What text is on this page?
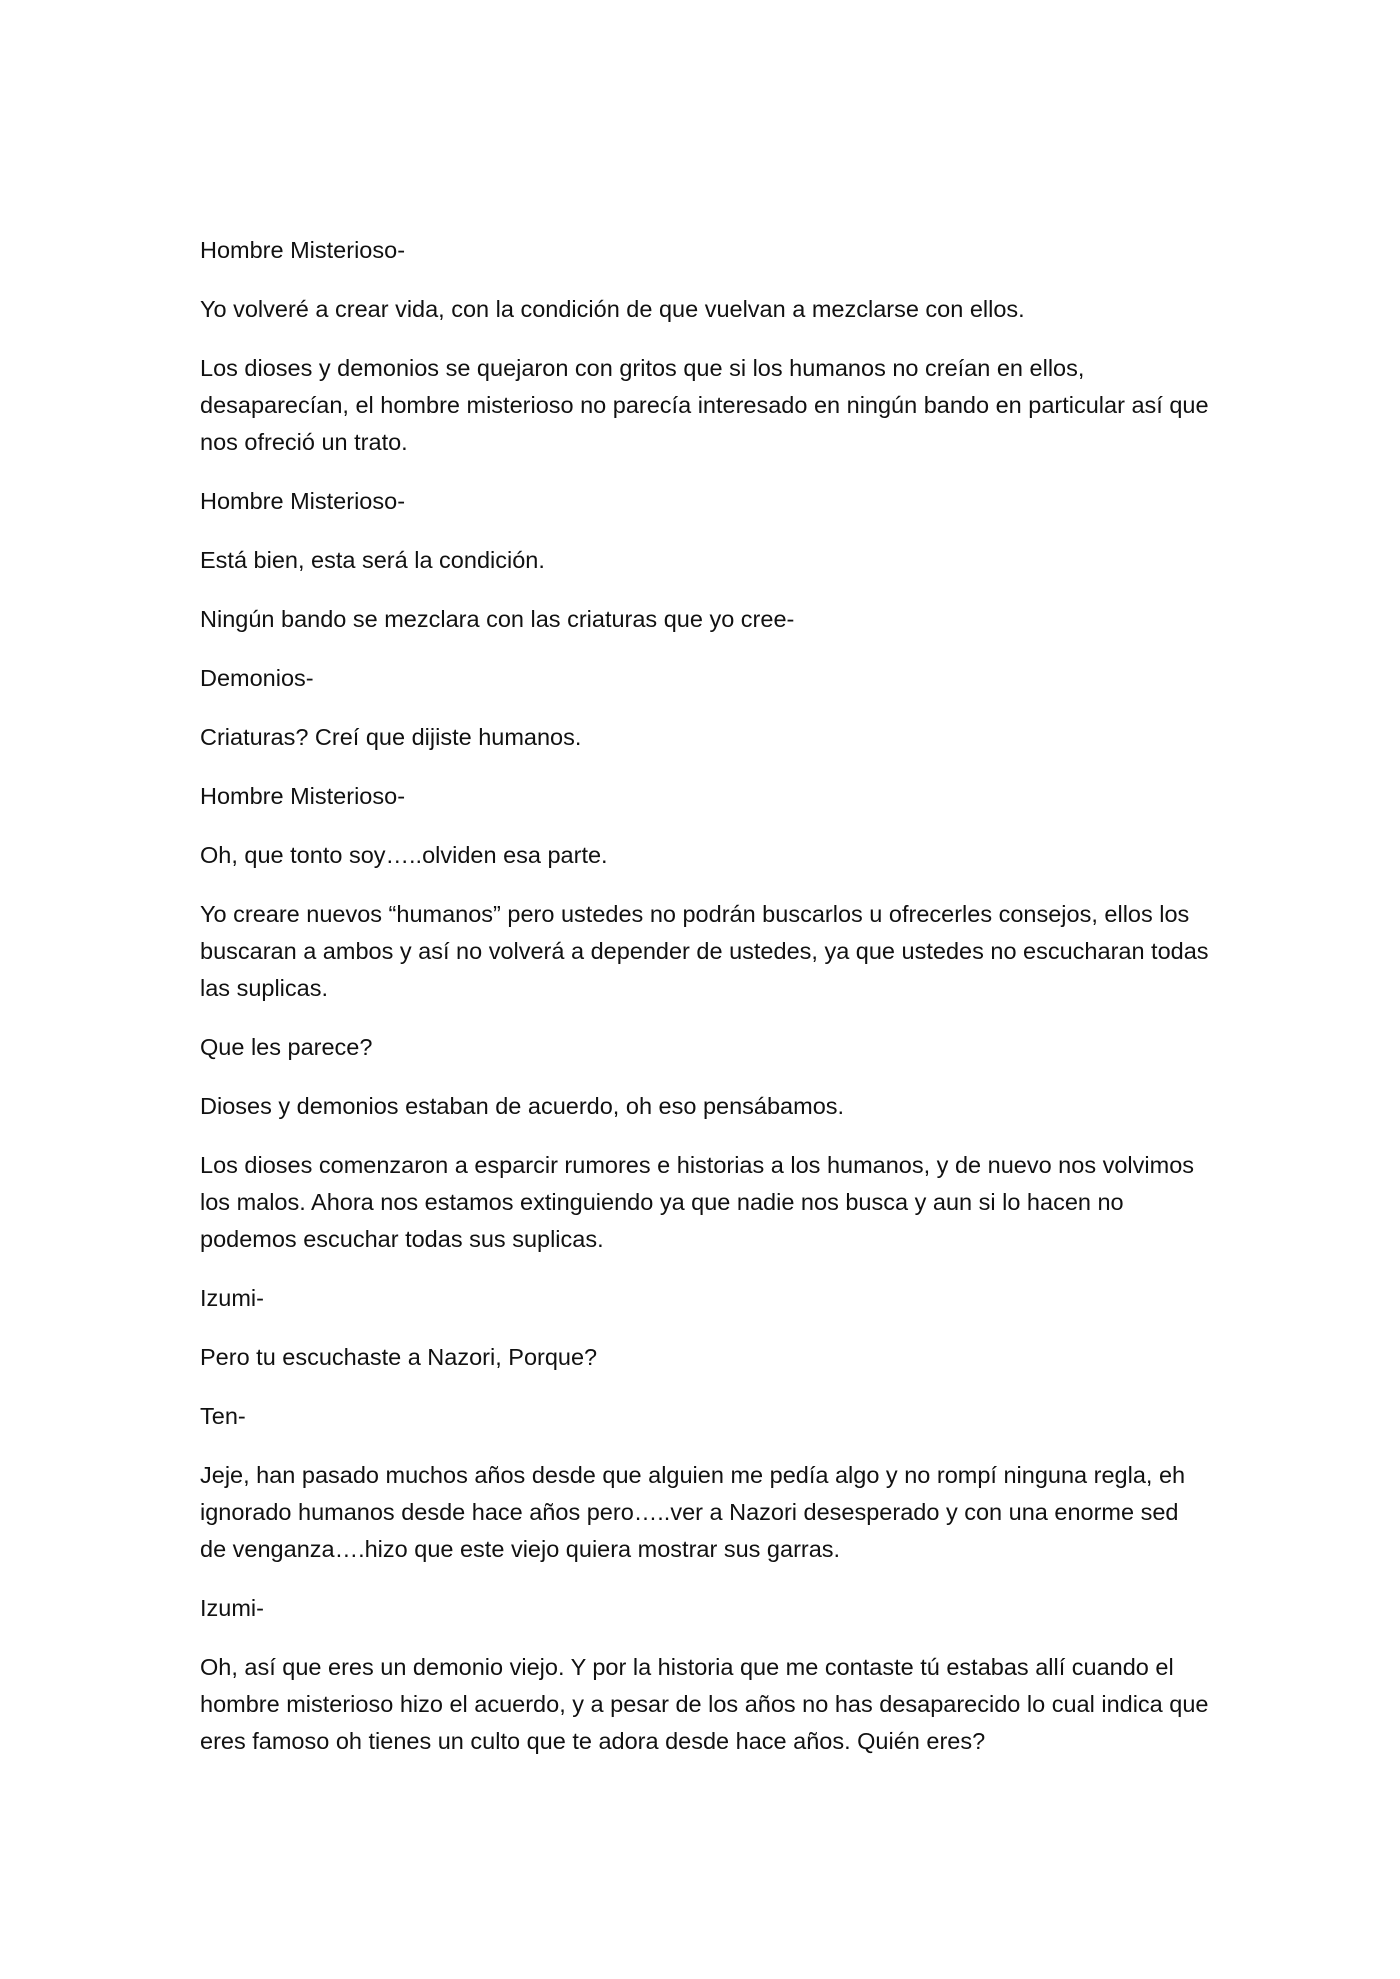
Hombre Misterioso-

Yo volveré a crear vida, con la condición de que vuelvan a mezclarse con ellos.

Los dioses y demonios se quejaron con gritos que si los humanos no creían en ellos, desaparecían, el hombre misterioso no parecía interesado en ningún bando en particular así que nos ofreció un trato.

Hombre Misterioso-

Está bien, esta será la condición.

Ningún bando se mezclara con las criaturas que yo cree-

Demonios-

Criaturas? Creí que dijiste humanos.

Hombre Misterioso-

Oh, que tonto soy…..olviden esa parte.

Yo creare nuevos “humanos” pero ustedes no podrán buscarlos u ofrecerles consejos, ellos los buscaran a ambos y así no volverá a depender de ustedes, ya que ustedes no escucharan todas las suplicas.

Que les parece?

Dioses y demonios estaban de acuerdo, oh eso pensábamos.

Los dioses comenzaron a esparcir rumores e historias a los humanos, y de nuevo nos volvimos los malos. Ahora nos estamos extinguiendo ya que nadie nos busca y aun si lo hacen no podemos escuchar todas sus suplicas.

Izumi-

Pero tu escuchaste a Nazori, Porque?

Ten-

Jeje, han pasado muchos años desde que alguien me pedía algo y no rompí ninguna regla, eh ignorado humanos desde hace años pero…..ver a Nazori desesperado y con una enorme sed de venganza….hizo que este viejo quiera mostrar sus garras.

Izumi-

Oh, así que eres un demonio viejo. Y por la historia que me contaste tú estabas allí cuando el hombre misterioso hizo el acuerdo, y a pesar de los años no has desaparecido lo cual indica que eres famoso oh tienes un culto que te adora desde hace años. Quién eres?
